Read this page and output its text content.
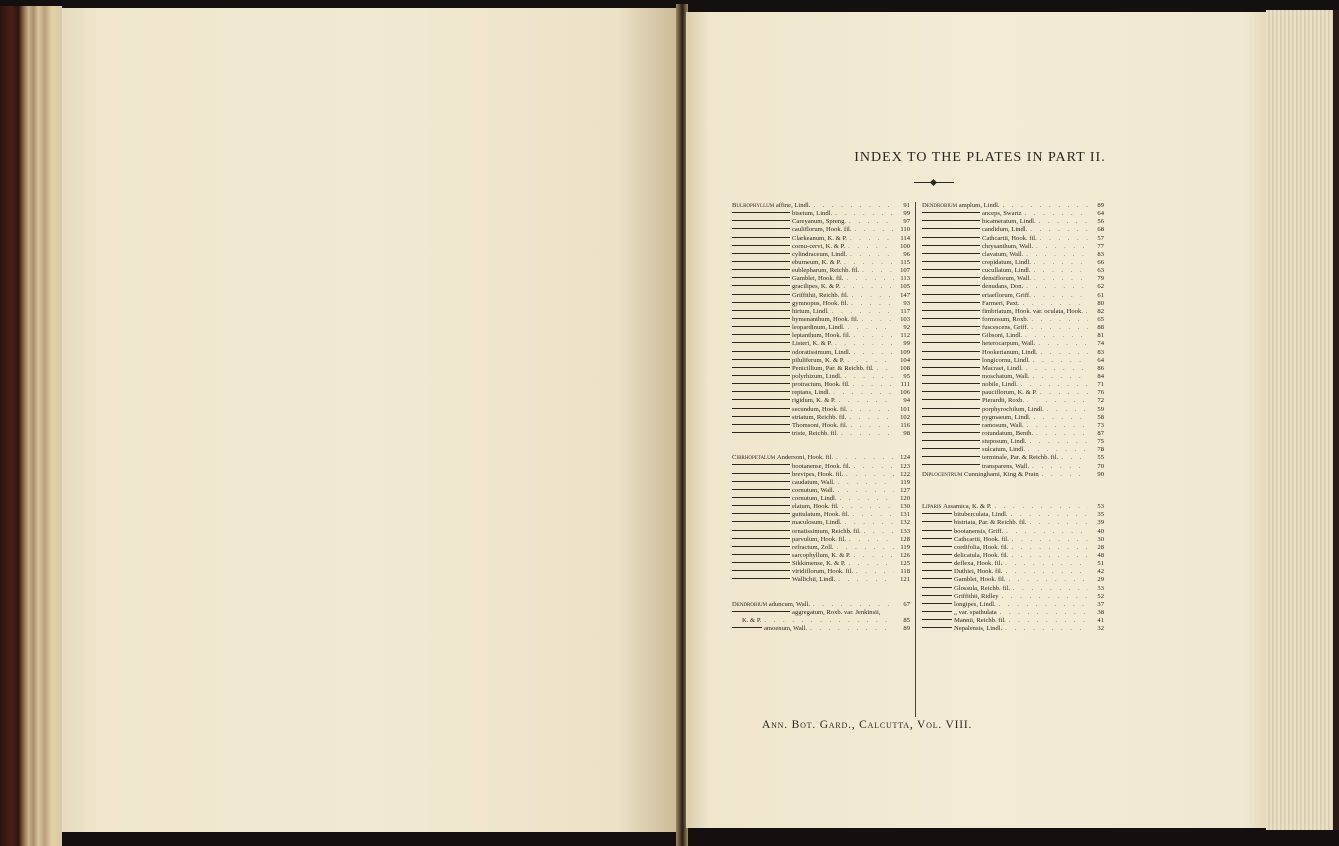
INDEX TO THE PLATES IN PART II.
Bulbophyllum affine, Lindl. . . .	91
bisetum, Lindl. . . .	99
Careyanum, Spreng. . . .	97
cauliflorum, Hook. fil. . . .	110
Clarkeanum, K. & P. . . .	114
cornu-cervi, K. & P. . . .	100
cylindraceum, Lindl. . . .	96
eburneum, K. & P. . . .	115
eublepharum, Reichb. fil. . . .	107
Gamblei, Hook. fil. . . .	113
gracilipes, K. & P. . . .	105
Griffithii, Reichb. fil. . . .	147
gymnopus, Hook. fil. . . .	93
hirtum, Lindl. . . .	117
hymenanthum, Hook. fil. . . .	103
leopardinum, Lindl. . . .	92
leptanthum, Hook. fil. . . .	112
Listeri, K. & P. . . .	99
odoratissimum, Lindl. . . .	109
piluliferum, K. & P. . . .	104
Penicillium, Par. & Reichb. fil. . . .	108
polyrhizum, Lindl. . . .	95
protractum, Hook. fil. . . .	111
reptans, Lindl. . . .	106
rigidum, K. & P. . . .	94
secundum, Hook. fil. . . .	101
striatum, Reichb. fil. . . .	102
Thomsoni, Hook. fil. . . .	116
triste, Reichb. fil. . . .	98
Cirrhopetalum Andersoni, Hook. fil. . . .	124
bootanense, Hook. fil. . . .	123
brevipes, Hook. fil. . . .	122
caudatum, Wall. . . .	119
cornutum, Wall. . . .	127
cornutum, Lindl. . . .	120
elatum, Hook. fil. . . .	130
guttulatum, Hook. fil. . . .	131
maculosum, Lindl. . . .	132
ornatissimum, Reichb. fil. . . .	133
parvulum, Hook. fil. . . .	128
refractum, Zoll. . . .	119
sarcophyllum, K. & P. . . .	126
Sikkimense, K. & P. . . .	125
viridiflorum, Hook. fil. . . .	118
Wallichii, Lindl. . . .	121
Dendrobium aduncum, Wall. . . .	67
aggregatum, Roxb. var. Jenkinsii,
K. & P. . . .	85
amoenum, Wall. . . .	89
Dendrobium amplum, Lindl. . . .	89
anceps, Swartz . . .	64
bicameratum, Lindl. . . .	56
candidum, Lindl. . . .	68
Cathcartii, Hook. fil. . . .	57
chrysanthum, Wall. . . .	77
clavatum, Wall. . . .	83
crepidatum, Lindl. . . .	66
cucullatum, Lindl. . . .	63
densiflorum, Wall. . . .	79
denudans, Don. . . .	62
eriaeflorum, Griff. . . .	61
Farmeri, Paxt. . . .	80
fimbriatum, Hook. var. oculata, Hook. . . .	82
formosum, Roxb. . . .	65
fuscescens, Griff. . . .	88
Gibsoni, Lindl. . . .	81
heterocarpum, Wall. . . .	74
Hookerianum, Lindl. . . .	83
longicornu, Lindl. . . .	64
Macraei, Lindl. . . .	86
moschatum, Wall. . . .	84
nobile, Lindl. . . .	71
pauciflorum, K. & P. . . .	76
Pierardii, Roxb. . . .	72
porphyrochilum, Lindl. . . .	59
pygmaeum, Lindl. . . .	58
ramosum, Wall. . . .	73
rotundatum, Benth. . . .	87
stuposum, Lindl. . . .	75
sulcatum, Lindl. . . .	78
terminale, Par. & Reichb. fil. . . .	55
transparens, Wall. . . .	70
Diplocentrum Cunninghami, King & Prain . . .	90
Liparis Assamica, K. & P. . . .	53
bituberculata, Lindl. . . .	35
bistriata, Par. & Reichb. fil. . . .	39
bootanensis, Griff. . . .	40
Cathcartii, Hook. fil. . . .	30
cordifolia, Hook. fil. . . .	28
delicatula, Hook. fil. . . .	48
deflexa, Hook. fil. . . .	51
Duthiei, Hook. fil. . . .	42
Gamblei, Hook. fil. . . .	29
Glossula, Reichb. fil. . . .	33
Griffithii, Ridley . . .	52
longipes, Lindl. . . .	37
„ var. spathulata . . .	38
Mannii, Reichb. fil. . . .	41
Nepalensis, Lindl. . . .	32
Ann. Bot. Gard., Calcutta, Vol. VIII.
